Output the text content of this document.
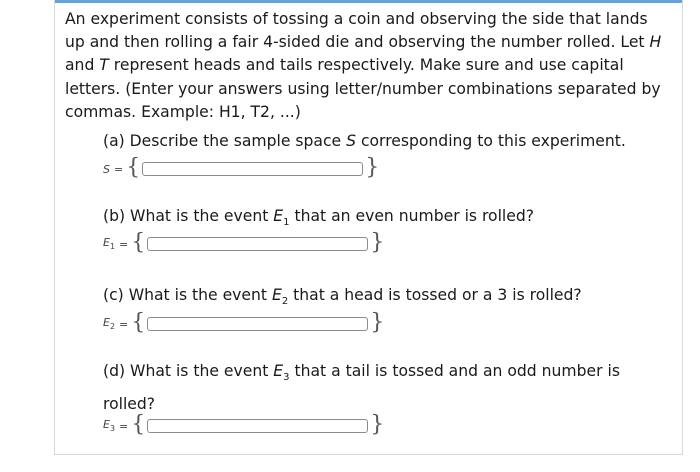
An experiment consists of tossing a coin and observing the side that lands
up and then rolling a fair 4-sided die and observing the number rolled. Let H
and T represent heads and tails respectively. Make sure and use capital
letters. (Enter your answers using letter/number combinations separated by
commas. Example: H1, T2, ...)

(a) Describe the sample space S corresponding to this experiment.

S = {	}

(b) What is the event $E_1$ that an even number is rolled?

$E_1$ = {	}

(c) What is the event $E_2$ that a head is tossed or a 3 is rolled?

$E_2$ = {	}

(d) What is the event $E_3$ that a tail is tossed and an odd number is
rolled?

$E_3$ = {	}
